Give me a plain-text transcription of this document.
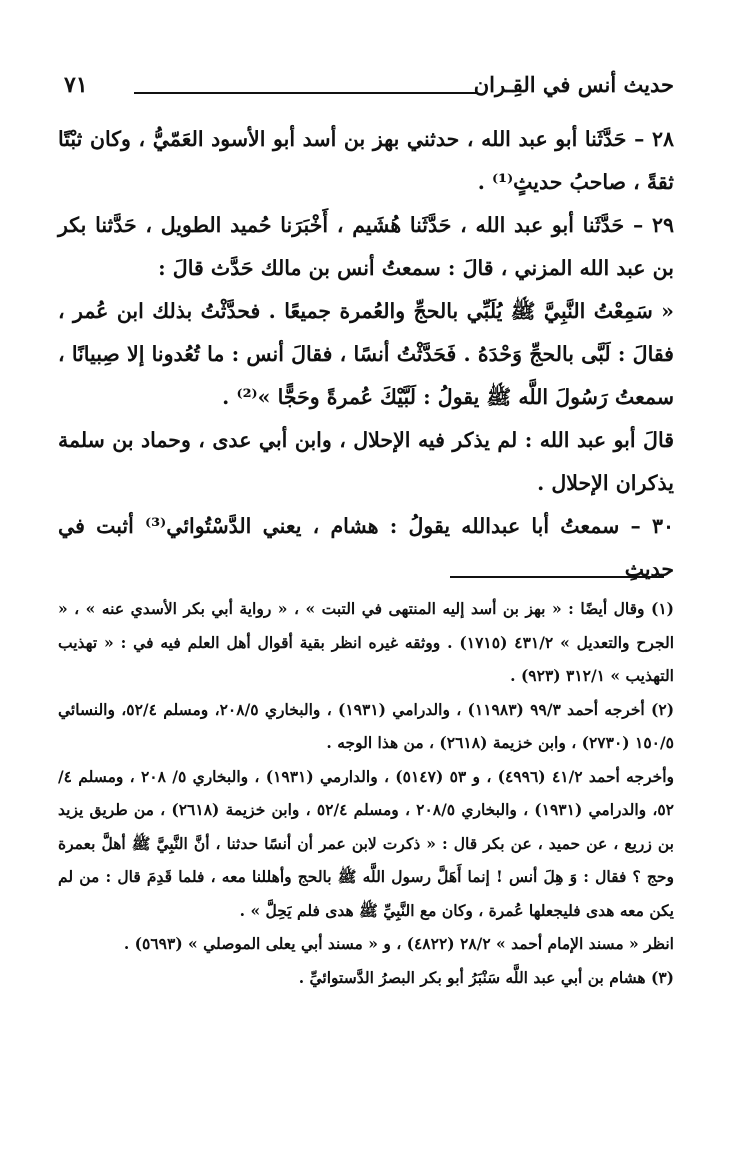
حديث أنس في القِـران
٧١

٢٨ – حَدَّثَنا أبو عبد الله ، حدثني بهز بن أسد أبو الأسود العَمّيُّ ، وكان ثبْتًا ثقةً ، صاحبُ حديثٍ⁽¹⁾ .

٢٩ – حَدَّثَنا أبو عبد الله ، حَدَّثَنا هُشَيم ، أَخْبَرَنا حُميد الطويل ، حَدَّثنا بكر بن عبد الله المزني ، قالَ : سمعتُ أنس بن مالك حَدَّث قالَ :

« سَمِعْتُ النَّبِيَّ ﷺ يُلَبِّي بالحجِّ والعُمرة جميعًا . فحدَّثْتُ بذلك ابن عُمر ، فقالَ : لَبَّى بالحجِّ وَحْدَهُ . فَحَدَّثْتُ أنسًا ، فقالَ أنس : ما تُعُدونا إلا صِبيانًا ، سمعتُ رَسُولَ اللَّه ﷺ يقولُ : لَبَّيْكَ عُمرةً وحَجًّا »⁽²⁾ .

قالَ أبو عبد الله : لم يذكر فيه الإحلال ، وابن أبي عدى ، وحماد بن سلمة يذكران الإحلال .

٣٠ – سمعتُ أبا عبدالله يقولُ : هشام ، يعني الدَّسْتُوائي⁽³⁾ أثبت في حديثِ

(١) وقال أيضًا : « بهز بن أسد إليه المنتهى في التبت » ، « رواية أبي بكر الأسدي عنه » ، « الجرح والتعديل » ٤٣١/٢ (١٧١٥) . ووثقه غيره انظر بقية أقوال أهل العلم فيه في : « تهذيب التهذيب » ٣١٢/١ (٩٢٣) .

(٢) أخرجه أحمد ٩٩/٣ (١١٩٨٣) ، والدرامي (١٩٣١) ، والبخاري ٢٠٨/٥، ومسلم ٥٢/٤، والنسائي ١٥٠/٥ (٢٧٣٠) ، وابن خزيمة (٢٦١٨) ، من هذا الوجه .

وأخرجه أحمد ٤١/٢ (٤٩٩٦) ، و ٥٣ (٥١٤٧) ، والدارمي (١٩٣١) ، والبخاري ٥/ ٢٠٨ ، ومسلم ٤/ ٥٢، والدرامي (١٩٣١) ، والبخاري ٢٠٨/٥ ، ومسلم ٥٢/٤ ، وابن خزيمة (٢٦١٨) ، من طريق يزيد بن زريع ، عن حميد ، عن بكر قال : « ذكرت لابن عمر أن أنسًا حدثنا ، أنَّ النَّبِيَّ ﷺ أهلَّ بعمرة وحج ؟ فقال : وَ هِلَ أنس ! إنما أَهَلَّ رسول اللَّه ﷺ بالحج وأهللنا معه ، فلما قَدِمَ قال : من لم يكن معه هدى فليجعلها عُمرة ، وكان مع النَّبِيِّ ﷺ هدى فلم يَحِلَّ » .

انظر « مسند الإمام أحمد » ٢٨/٢ (٤٨٢٢) ، و « مسند أبي يعلى الموصلي » (٥٦٩٣) .

(٣) هشام بن أبي عبد اللَّه سَنْبَرُ أبو بكر البصرُ الدَّستوائيِّ .
